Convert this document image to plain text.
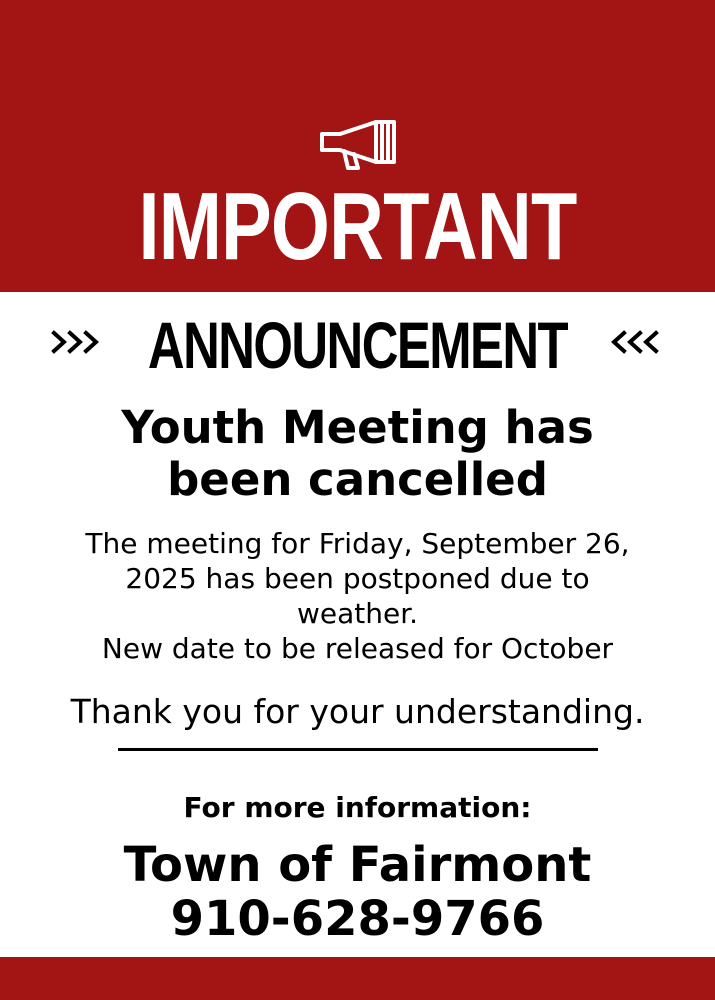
IMPORTANT
ANNOUNCEMENT
Youth Meeting has
been cancelled
The meeting for Friday, September 26,
2025 has been postponed due to
weather.
New date to be released for October
Thank you for your understanding.
For more information:
Town of Fairmont
910-628-9766
